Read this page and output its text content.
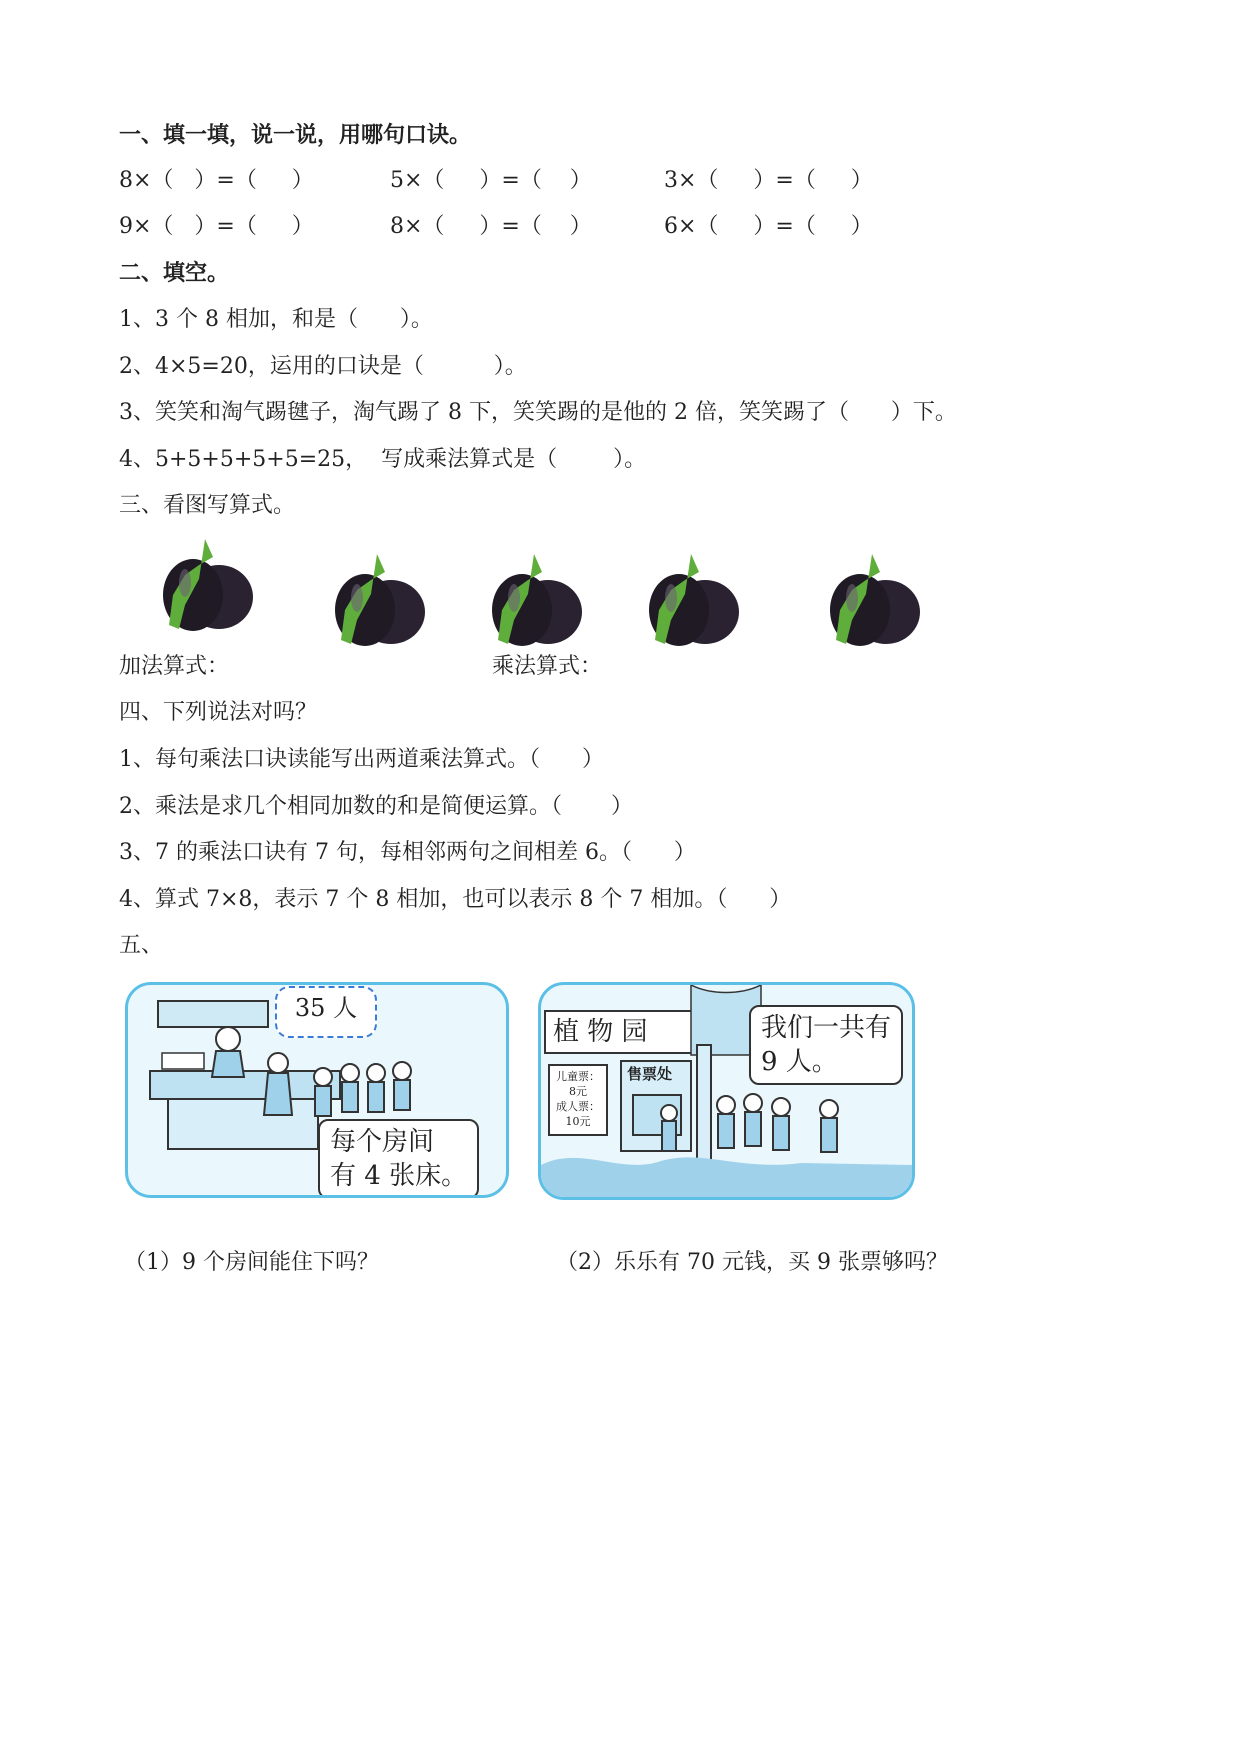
一、填一填，说一说，用哪句口诀。
8×（   ）=（     ）	5×（     ）=（    ）	3×（     ）=（     ）
9×（   ）=（     ）	8×（     ）=（    ）	6×（     ）=（     ）
二、填空。
1、3 个 8 相加，和是（      ）。
2、4×5=20，运用的口诀是（          ）。
3、笑笑和淘气踢毽子，淘气踢了 8 下，笑笑踢的是他的 2 倍，笑笑踢了（      ）下。
4、5+5+5+5+5=25，  写成乘法算式是（        ）。
三、看图写算式。
加法算式：	乘法算式：
四、下列说法对吗？
1、每句乘法口诀读能写出两道乘法算式。（      ）
2、乘法是求几个相同加数的和是简便运算。（       ）
3、7 的乘法口诀有 7 句，每相邻两句之间相差 6。（      ）
4、算式 7×8，表示 7 个 8 相加，也可以表示 8 个 7 相加。（      ）
五、
35 人
每个房间
有 4 张床。
植 物 园
售票处
儿童票：
8元
成人票：
10元
我们一共有
9 人。
（1）9 个房间能住下吗？	（2）乐乐有 70 元钱，买 9 张票够吗？
